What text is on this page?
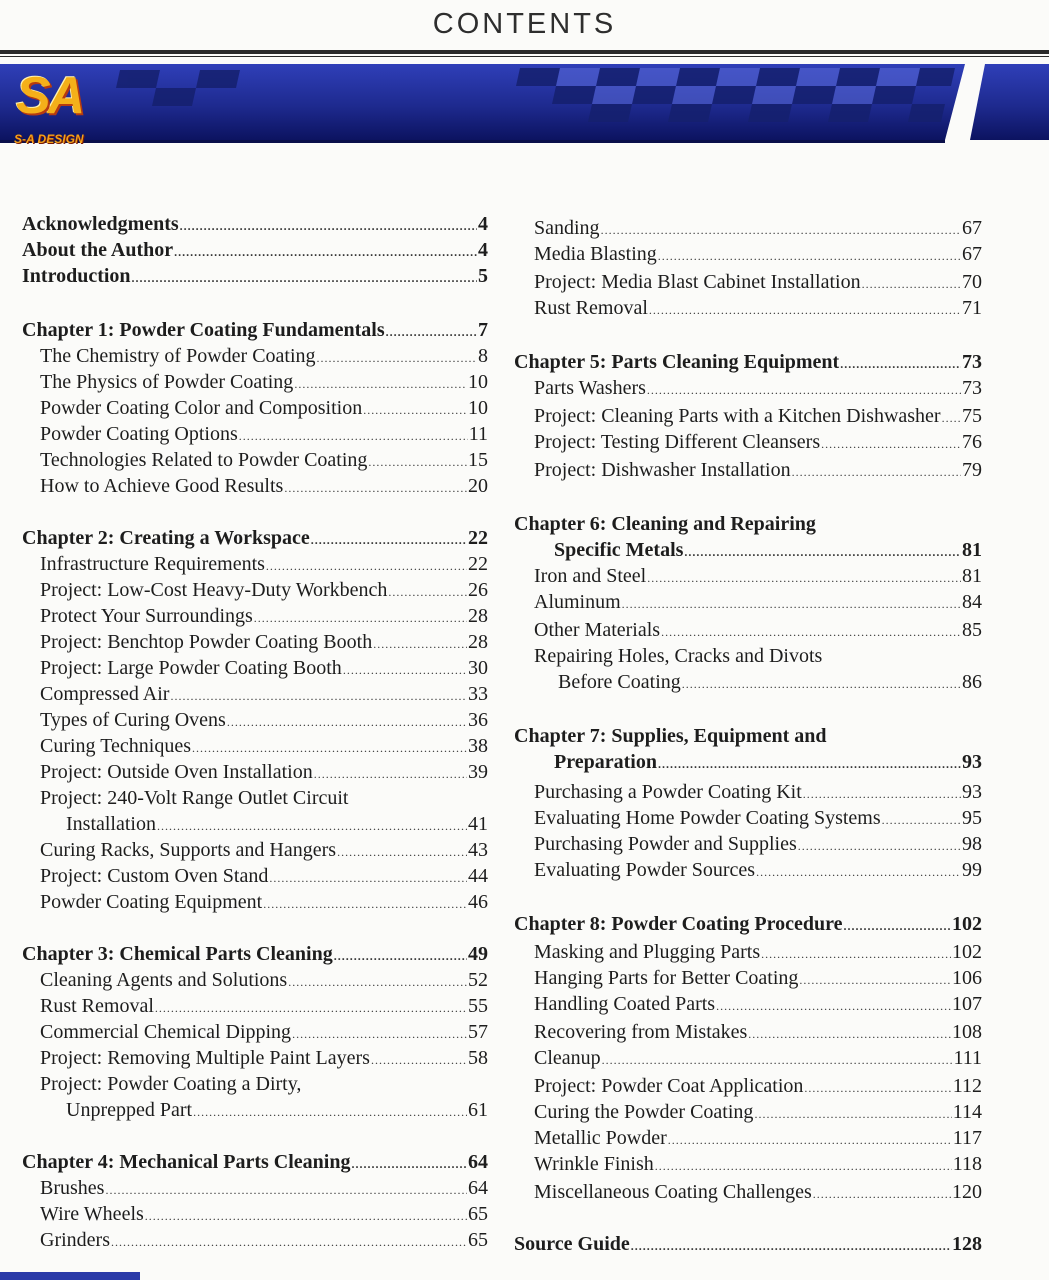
CONTENTS
SA
S-A DESIGN
Acknowledgments .....	4
About the Author .....	4
Introduction .....	5
Chapter 1: Powder Coating Fundamentals .....	7
The Chemistry of Powder Coating .....	8
The Physics of Powder Coating .....	10
Powder Coating Color and Composition .....	10
Powder Coating Options .....	11
Technologies Related to Powder Coating .....	15
How to Achieve Good Results .....	20
Chapter 2: Creating a Workspace .....	22
Infrastructure Requirements .....	22
Project: Low-Cost Heavy-Duty Workbench .....	26
Protect Your Surroundings .....	28
Project: Benchtop Powder Coating Booth .....	28
Project: Large Powder Coating Booth .....	30
Compressed Air .....	33
Types of Curing Ovens .....	36
Curing Techniques .....	38
Project: Outside Oven Installation .....	39
Project: 240-Volt Range Outlet Circuit
Installation .....	41
Curing Racks, Supports and Hangers .....	43
Project: Custom Oven Stand .....	44
Powder Coating Equipment .....	46
Chapter 3: Chemical Parts Cleaning .....	49
Cleaning Agents and Solutions .....	52
Rust Removal .....	55
Commercial Chemical Dipping .....	57
Project: Removing Multiple Paint Layers .....	58
Project: Powder Coating a Dirty,
Unprepped Part .....	61
Chapter 4: Mechanical Parts Cleaning .....	64
Brushes .....	64
Wire Wheels .....	65
Grinders .....	65
Sanding .....	67
Media Blasting .....	67
Project: Media Blast Cabinet Installation .....	70
Rust Removal .....	71
Chapter 5: Parts Cleaning Equipment .....	73
Parts Washers .....	73
Project: Cleaning Parts with a Kitchen Dishwasher ..... 75
Project: Testing Different Cleansers .....	76
Project: Dishwasher Installation .....	79
Chapter 6: Cleaning and Repairing
Specific Metals .....	81
Iron and Steel .....	81
Aluminum .....	84
Other Materials .....	85
Repairing Holes, Cracks and Divots
Before Coating .....	86
Chapter 7: Supplies, Equipment and
Preparation .....	93
Purchasing a Powder Coating Kit .....	93
Evaluating Home Powder Coating Systems .....	95
Purchasing Powder and Supplies .....	98
Evaluating Powder Sources .....	99
Chapter 8: Powder Coating Procedure .....	102
Masking and Plugging Parts .....	102
Hanging Parts for Better Coating .....	106
Handling Coated Parts .....	107
Recovering from Mistakes .....	108
Cleanup .....	111
Project: Powder Coat Application .....	112
Curing the Powder Coating .....	114
Metallic Powder .....	117
Wrinkle Finish .....	118
Miscellaneous Coating Challenges .....	120
Source Guide .....	128
